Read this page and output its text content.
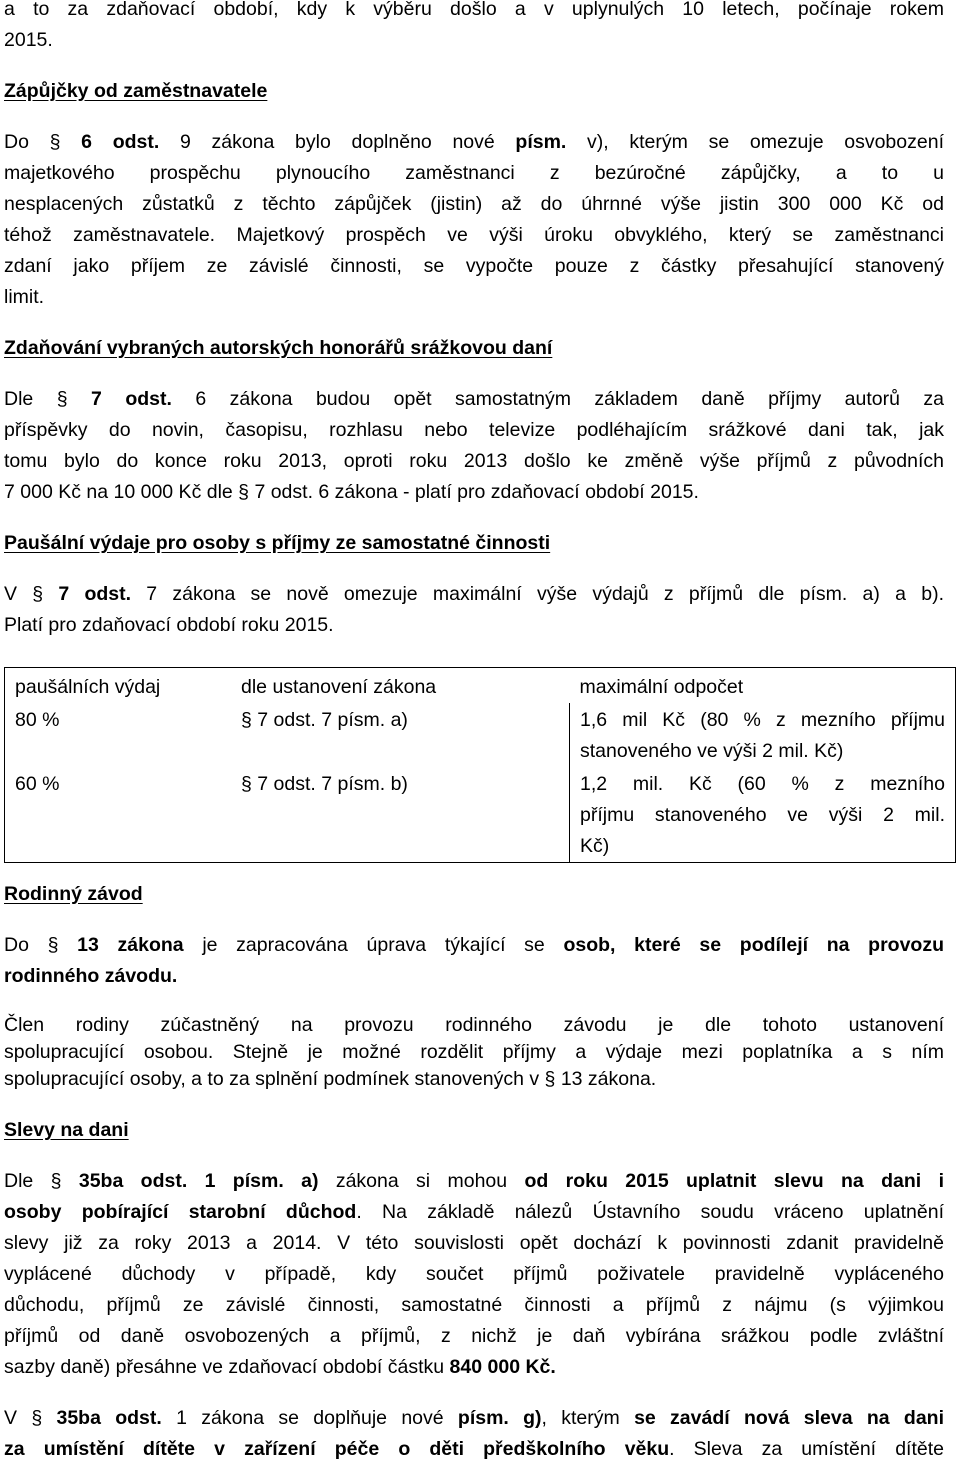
a to za zdaňovací období, kdy k výběru došlo a v uplynulých 10 letech, počínaje rokem
2015.
Zápůjčky od zaměstnavatele
Do § 6 odst. 9 zákona bylo doplněno nové písm. v), kterým se omezuje osvobození
majetkového prospěchu plynoucího zaměstnanci z bezúročné zápůjčky, a to u
nesplacených zůstatků z těchto zápůjček (jistin) až do úhrnné výše jistin 300 000 Kč od
téhož zaměstnavatele. Majetkový prospěch ve výši úroku obvyklého, který se zaměstnanci
zdaní jako příjem ze závislé činnosti, se vypočte pouze z částky přesahující stanovený
limit.
Zdaňování vybraných autorských honorářů srážkovou daní
Dle § 7 odst. 6 zákona budou opět samostatným základem daně příjmy autorů za
příspěvky do novin, časopisu, rozhlasu nebo televize podléhajícím srážkové dani tak, jak
tomu bylo do konce roku 2013, oproti roku 2013 došlo ke změně výše příjmů z původních
7 000 Kč na 10 000 Kč dle § 7 odst. 6 zákona - platí pro zdaňovací období 2015.
Paušální výdaje pro osoby s příjmy ze samostatné činnosti
V § 7 odst. 7 zákona se nově omezuje maximální výše výdajů z příjmů dle písm. a) a b).
Platí pro zdaňovací období roku 2015.
paušálních výdaj	dle ustanovení zákona	maximální odpočet
80 %	§ 7 odst. 7 písm. a)	1,6 mil Kč (80 % z mezního příjmu
stanoveného ve výši 2 mil. Kč)
60 %	§ 7 odst. 7 písm. b)	1,2 mil. Kč (60 % z mezního
příjmu stanoveného ve výši 2 mil.
Kč)
Rodinný závod
Do § 13 zákona je zapracována úprava týkající se osob, které se podílejí na provozu
rodinného závodu.
Člen rodiny zúčastněný na provozu rodinného závodu je dle tohoto ustanovení
spolupracující osobou. Stejně je možné rozdělit příjmy a výdaje mezi poplatníka a s ním
spolupracující osoby, a to za splnění podmínek stanovených v § 13 zákona.
Slevy na dani
Dle § 35ba odst. 1 písm. a) zákona si mohou od roku 2015 uplatnit slevu na dani i
osoby pobírající starobní důchod. Na základě nálezů Ústavního soudu vráceno uplatnění
slevy již za roky 2013 a 2014. V této souvislosti opět dochází k povinnosti zdanit pravidelně
vyplácené důchody v případě, kdy součet příjmů poživatele pravidelně vypláceného
důchodu, příjmů ze závislé činnosti, samostatné činnosti a příjmů z nájmu (s výjimkou
příjmů od daně osvobozených a příjmů, z nichž je daň vybírána srážkou podle zvláštní
sazby daně) přesáhne ve zdaňovací období částku 840 000 Kč.
V § 35ba odst. 1 zákona se doplňuje nové písm. g), kterým se zavádí nová sleva na dani
za umístění dítěte v zařízení péče o děti předškolního věku. Sleva za umístění dítěte
